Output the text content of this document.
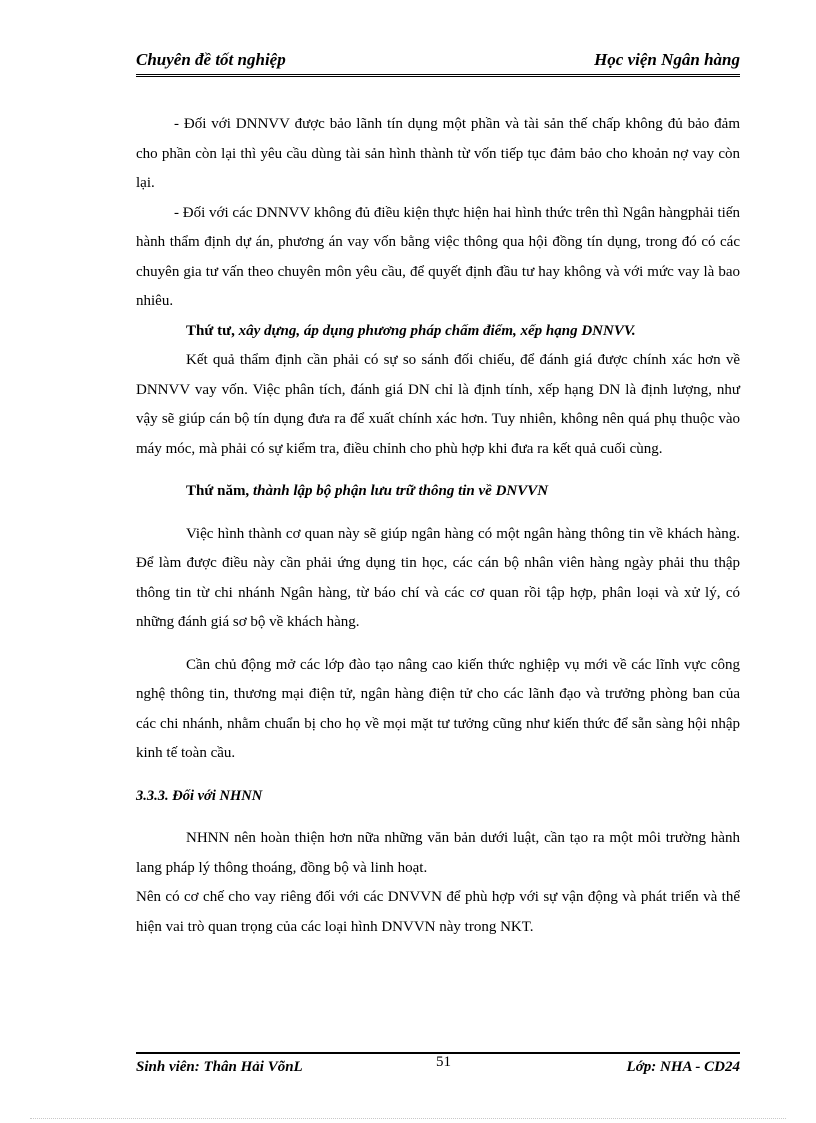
Chuyên đề tốt nghiệp	Học viện Ngân hàng

- Đối với DNNVV được bảo lãnh tín dụng một phần và tài sản thế chấp không đủ bảo đảm cho phần còn lại thì yêu cầu dùng tài sản hình thành từ vốn tiếp tục đảm bảo cho khoản nợ vay còn lại.

- Đối với các DNNVV không đủ điều kiện thực hiện hai hình thức trên thì Ngân hàngphải tiến hành thẩm định dự án, phương án vay vốn bằng việc thông qua hội đồng tín dụng, trong đó có các chuyên gia tư vấn theo chuyên môn yêu cầu, để quyết định đầu tư hay không và với mức vay là bao nhiêu.

Thứ tư, xây dựng, áp dụng phương pháp chấm điểm, xếp hạng DNNVV.

Kết quả thẩm định cần phải có sự so sánh đối chiếu, để đánh giá được chính xác hơn về DNNVV vay vốn. Việc phân tích, đánh giá DN chỉ là định tính, xếp hạng DN là định lượng, như vậy sẽ giúp cán bộ tín dụng đưa ra để xuất chính xác hơn. Tuy nhiên, không nên quá phụ thuộc vào máy móc, mà phải có sự kiểm tra, điều chỉnh cho phù hợp khi đưa ra kết quả cuối cùng.

Thứ năm, thành lập bộ phận lưu trữ thông tin về DNVVN

Việc hình thành cơ quan này sẽ giúp ngân hàng có một ngân hàng thông tin về khách hàng. Để làm được điều này cần phải ứng dụng tin học, các cán bộ nhân viên hàng ngày phải thu thập thông tin từ chi nhánh Ngân hàng, từ báo chí và các cơ quan rồi tập hợp, phân loại và xử lý, có những đánh giá sơ bộ về khách hàng.

Cần chủ động mở các lớp đào tạo nâng cao kiến thức nghiệp vụ mới về các lĩnh vực công nghệ thông tin, thương mại điện tử, ngân hàng điện tử cho các lãnh đạo và trưởng phòng ban của các chi nhánh, nhằm chuẩn bị cho họ về mọi mặt tư tưởng cũng như kiến thức để sẵn sàng hội nhập kinh tế toàn cầu.

3.3.3. Đối với NHNN

NHNN nên hoàn thiện hơn nữa những văn bản dưới luật, cần tạo ra một môi trường hành lang pháp lý thông thoáng, đồng bộ và linh hoạt.

Nên có cơ chế cho vay riêng đối với các DNVVN để phù hợp với sự vận động và phát triển và thể hiện vai trò quan trọng của các loại hình DNVVN này trong NKT.

Sinh viên: Thân Hải VõnL	51	Lớp: NHA - CD24
